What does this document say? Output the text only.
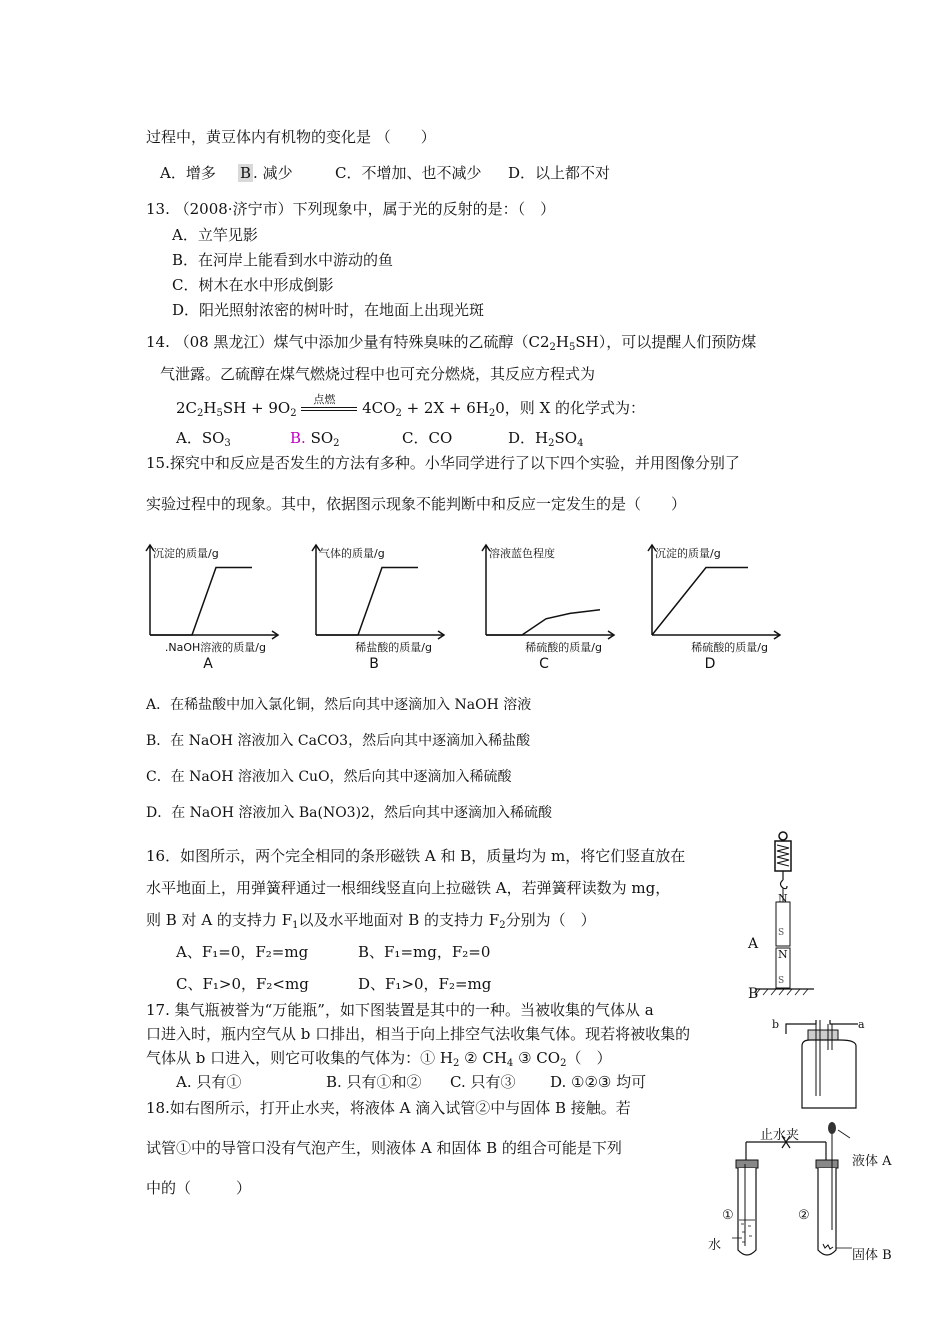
过程中，黄豆体内有机物的变化是 （　　）
A．增多 B . 减少	C．不增加、也不减少 D．以上都不对
13. （2008·济宁市）下列现象中，属于光的反射的是：（　）
A．立竿见影
B．在河岸上能看到水中游动的鱼
C．树木在水中形成倒影
D．阳光照射浓密的树叶时，在地面上出现光斑
14. （08 黑龙江）煤气中添加少量有特殊臭味的乙硫醇$(C2_2H_5SH)$，可以提醒人们预防煤
气泄露。乙硫醇在煤气燃烧过程中也可充分燃烧，其反应方程式为
$2C_2H_5SH + 9O_2$
点燃 $4CO_2 + 2X + 6H_20$，则 X 的化学式为：
A．$SO_3$	B. $SO_2$	C．CO	D．$H_2SO_4$
15.探究中和反应是否发生的方法有多种。小华同学进行了以下四个实验，并用图像分别了
实验过程中的现象。其中，依据图示现象不能判断中和反应一定发生的是（　　）
沉淀的质量/g
.NaOH溶液的质量/g
A
气体的质量/g
稀盐酸的质量/g
B
溶液蓝色程度
稀硫酸的质量/g
C
沉淀的质量/g
稀硫酸的质量/g
D
A．在稀盐酸中加入氯化铜，然后向其中逐滴加入 NaOH 溶液
B．在 NaOH 溶液加入 CaCO3，然后向其中逐滴加入稀盐酸
C．在 NaOH 溶液加入 CuO，然后向其中逐滴加入稀硫酸
D．在 NaOH 溶液加入 Ba(NO3)2，然后向其中逐滴加入稀硫酸
16．如图所示，两个完全相同的条形磁铁 A 和 B，质量均为 m，将它们竖直放在
水平地面上，用弹簧秤通过一根细线竖直向上拉磁铁 A，若弹簧秤读数为 mg，
则 B 对 A 的支持力 $F_1$以及水平地面对 B 的支持力 $F_2$分别为（　）
A、F₁=0，F₂=mg	B、F₁=mg，F₂=0
C、F₁>0，F₂<mg	D、F₁>0，F₂=mg
N
S
N
S
A
B
17. 集气瓶被誉为“万能瓶”，如下图装置是其中的一种。当被收集的气体从 a
口进入时，瓶内空气从 b 口排出，相当于向上排空气法收集气体。现若将被收集的
气体从 b 口进入，则它可收集的气体为：① $H_2$ ② $CH_4$ ③ $CO_2$（　）
A. 只有①	B. 只有①和② C. 只有③ D. ①②③ 均可
b	a
18.如右图所示，打开止水夹，将液体 A 滴入试管②中与固体 B 接触。若
试管①中的导管口没有气泡产生，则液体 A 和固体 B 的组合可能是下列
中的（　　　）
止水夹
液体 A
①	②
水
固体 B
